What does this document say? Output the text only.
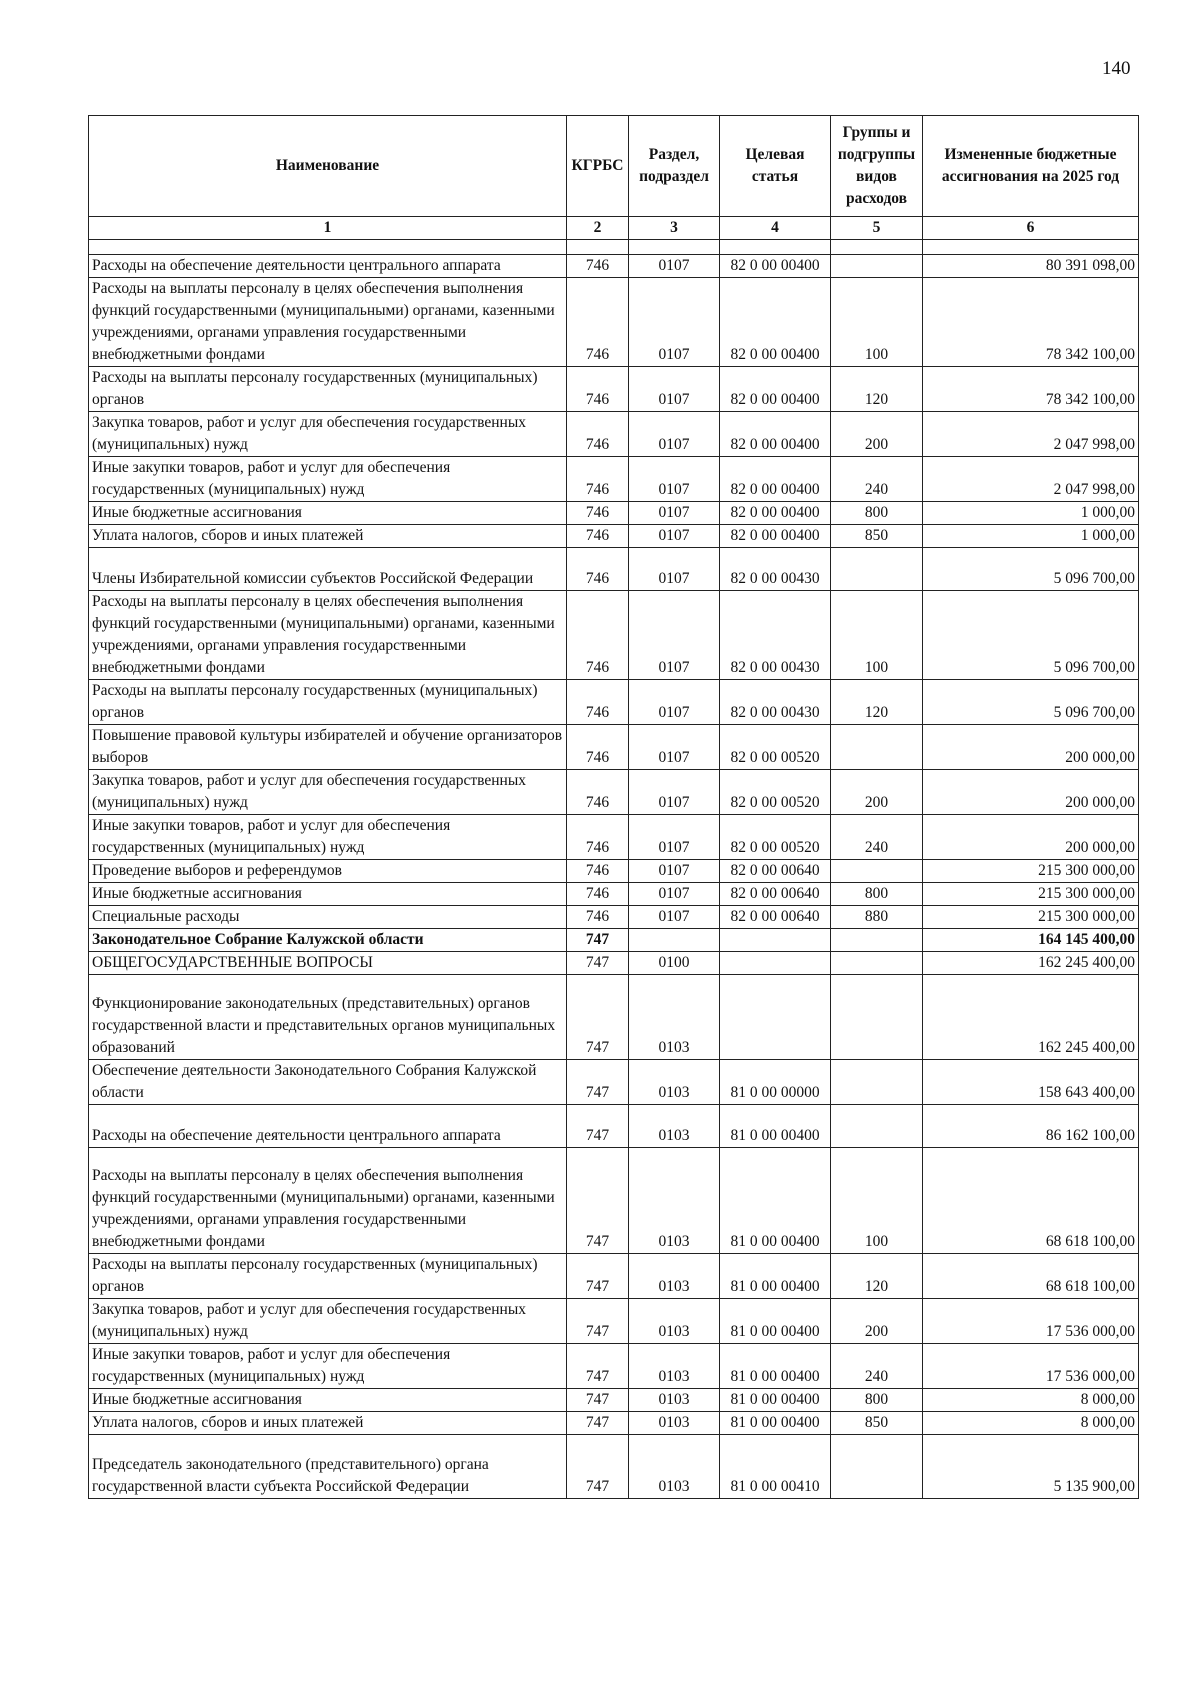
140
Наименование	КГРБС	Раздел, подраздел	Целевая статья	Группы и подгруппы видов расходов	Измененные бюджетные ассигнования на 2025 год
1	2	3	4	5	6

Расходы на обеспечение деятельности центрального аппарата	746	0107	82 0 00 00400		80 391 098,00
Расходы на выплаты персоналу в целях обеспечения выполнения функций государственными (муниципальными) органами, казенными учреждениями, органами управления государственными внебюджетными фондами	746	0107	82 0 00 00400	100	78 342 100,00
Расходы на выплаты персоналу государственных (муниципальных) органов	746	0107	82 0 00 00400	120	78 342 100,00
Закупка товаров, работ и услуг для обеспечения государственных (муниципальных) нужд	746	0107	82 0 00 00400	200	2 047 998,00
Иные закупки товаров, работ и услуг для обеспечения государственных (муниципальных) нужд	746	0107	82 0 00 00400	240	2 047 998,00
Иные бюджетные ассигнования	746	0107	82 0 00 00400	800	1 000,00
Уплата налогов, сборов и иных платежей	746	0107	82 0 00 00400	850	1 000,00
Члены Избирательной комиссии субъектов Российской Федерации	746	0107	82 0 00 00430		5 096 700,00
Расходы на выплаты персоналу в целях обеспечения выполнения функций государственными (муниципальными) органами, казенными учреждениями, органами управления государственными внебюджетными фондами	746	0107	82 0 00 00430	100	5 096 700,00
Расходы на выплаты персоналу государственных (муниципальных) органов	746	0107	82 0 00 00430	120	5 096 700,00
Повышение правовой культуры избирателей и обучение организаторов выборов	746	0107	82 0 00 00520		200 000,00
Закупка товаров, работ и услуг для обеспечения государственных (муниципальных) нужд	746	0107	82 0 00 00520	200	200 000,00
Иные закупки товаров, работ и услуг для обеспечения государственных (муниципальных) нужд	746	0107	82 0 00 00520	240	200 000,00
Проведение выборов и референдумов	746	0107	82 0 00 00640		215 300 000,00
Иные бюджетные ассигнования	746	0107	82 0 00 00640	800	215 300 000,00
Специальные расходы	746	0107	82 0 00 00640	880	215 300 000,00
Законодательное Собрание Калужской области	747				164 145 400,00
ОБЩЕГОСУДАРСТВЕННЫЕ ВОПРОСЫ	747	0100			162 245 400,00
Функционирование законодательных (представительных) органов государственной власти и представительных органов муниципальных образований	747	0103			162 245 400,00
Обеспечение деятельности Законодательного Собрания Калужской области	747	0103	81 0 00 00000		158 643 400,00
Расходы на обеспечение деятельности центрального аппарата	747	0103	81 0 00 00400		86 162 100,00
Расходы на выплаты персоналу в целях обеспечения выполнения функций государственными (муниципальными) органами, казенными учреждениями, органами управления государственными внебюджетными фондами	747	0103	81 0 00 00400	100	68 618 100,00
Расходы на выплаты персоналу государственных (муниципальных) органов	747	0103	81 0 00 00400	120	68 618 100,00
Закупка товаров, работ и услуг для обеспечения государственных (муниципальных) нужд	747	0103	81 0 00 00400	200	17 536 000,00
Иные закупки товаров, работ и услуг для обеспечения государственных (муниципальных) нужд	747	0103	81 0 00 00400	240	17 536 000,00
Иные бюджетные ассигнования	747	0103	81 0 00 00400	800	8 000,00
Уплата налогов, сборов и иных платежей	747	0103	81 0 00 00400	850	8 000,00
Председатель законодательного (представительного) органа государственной власти субъекта Российской Федерации	747	0103	81 0 00 00410		5 135 900,00
